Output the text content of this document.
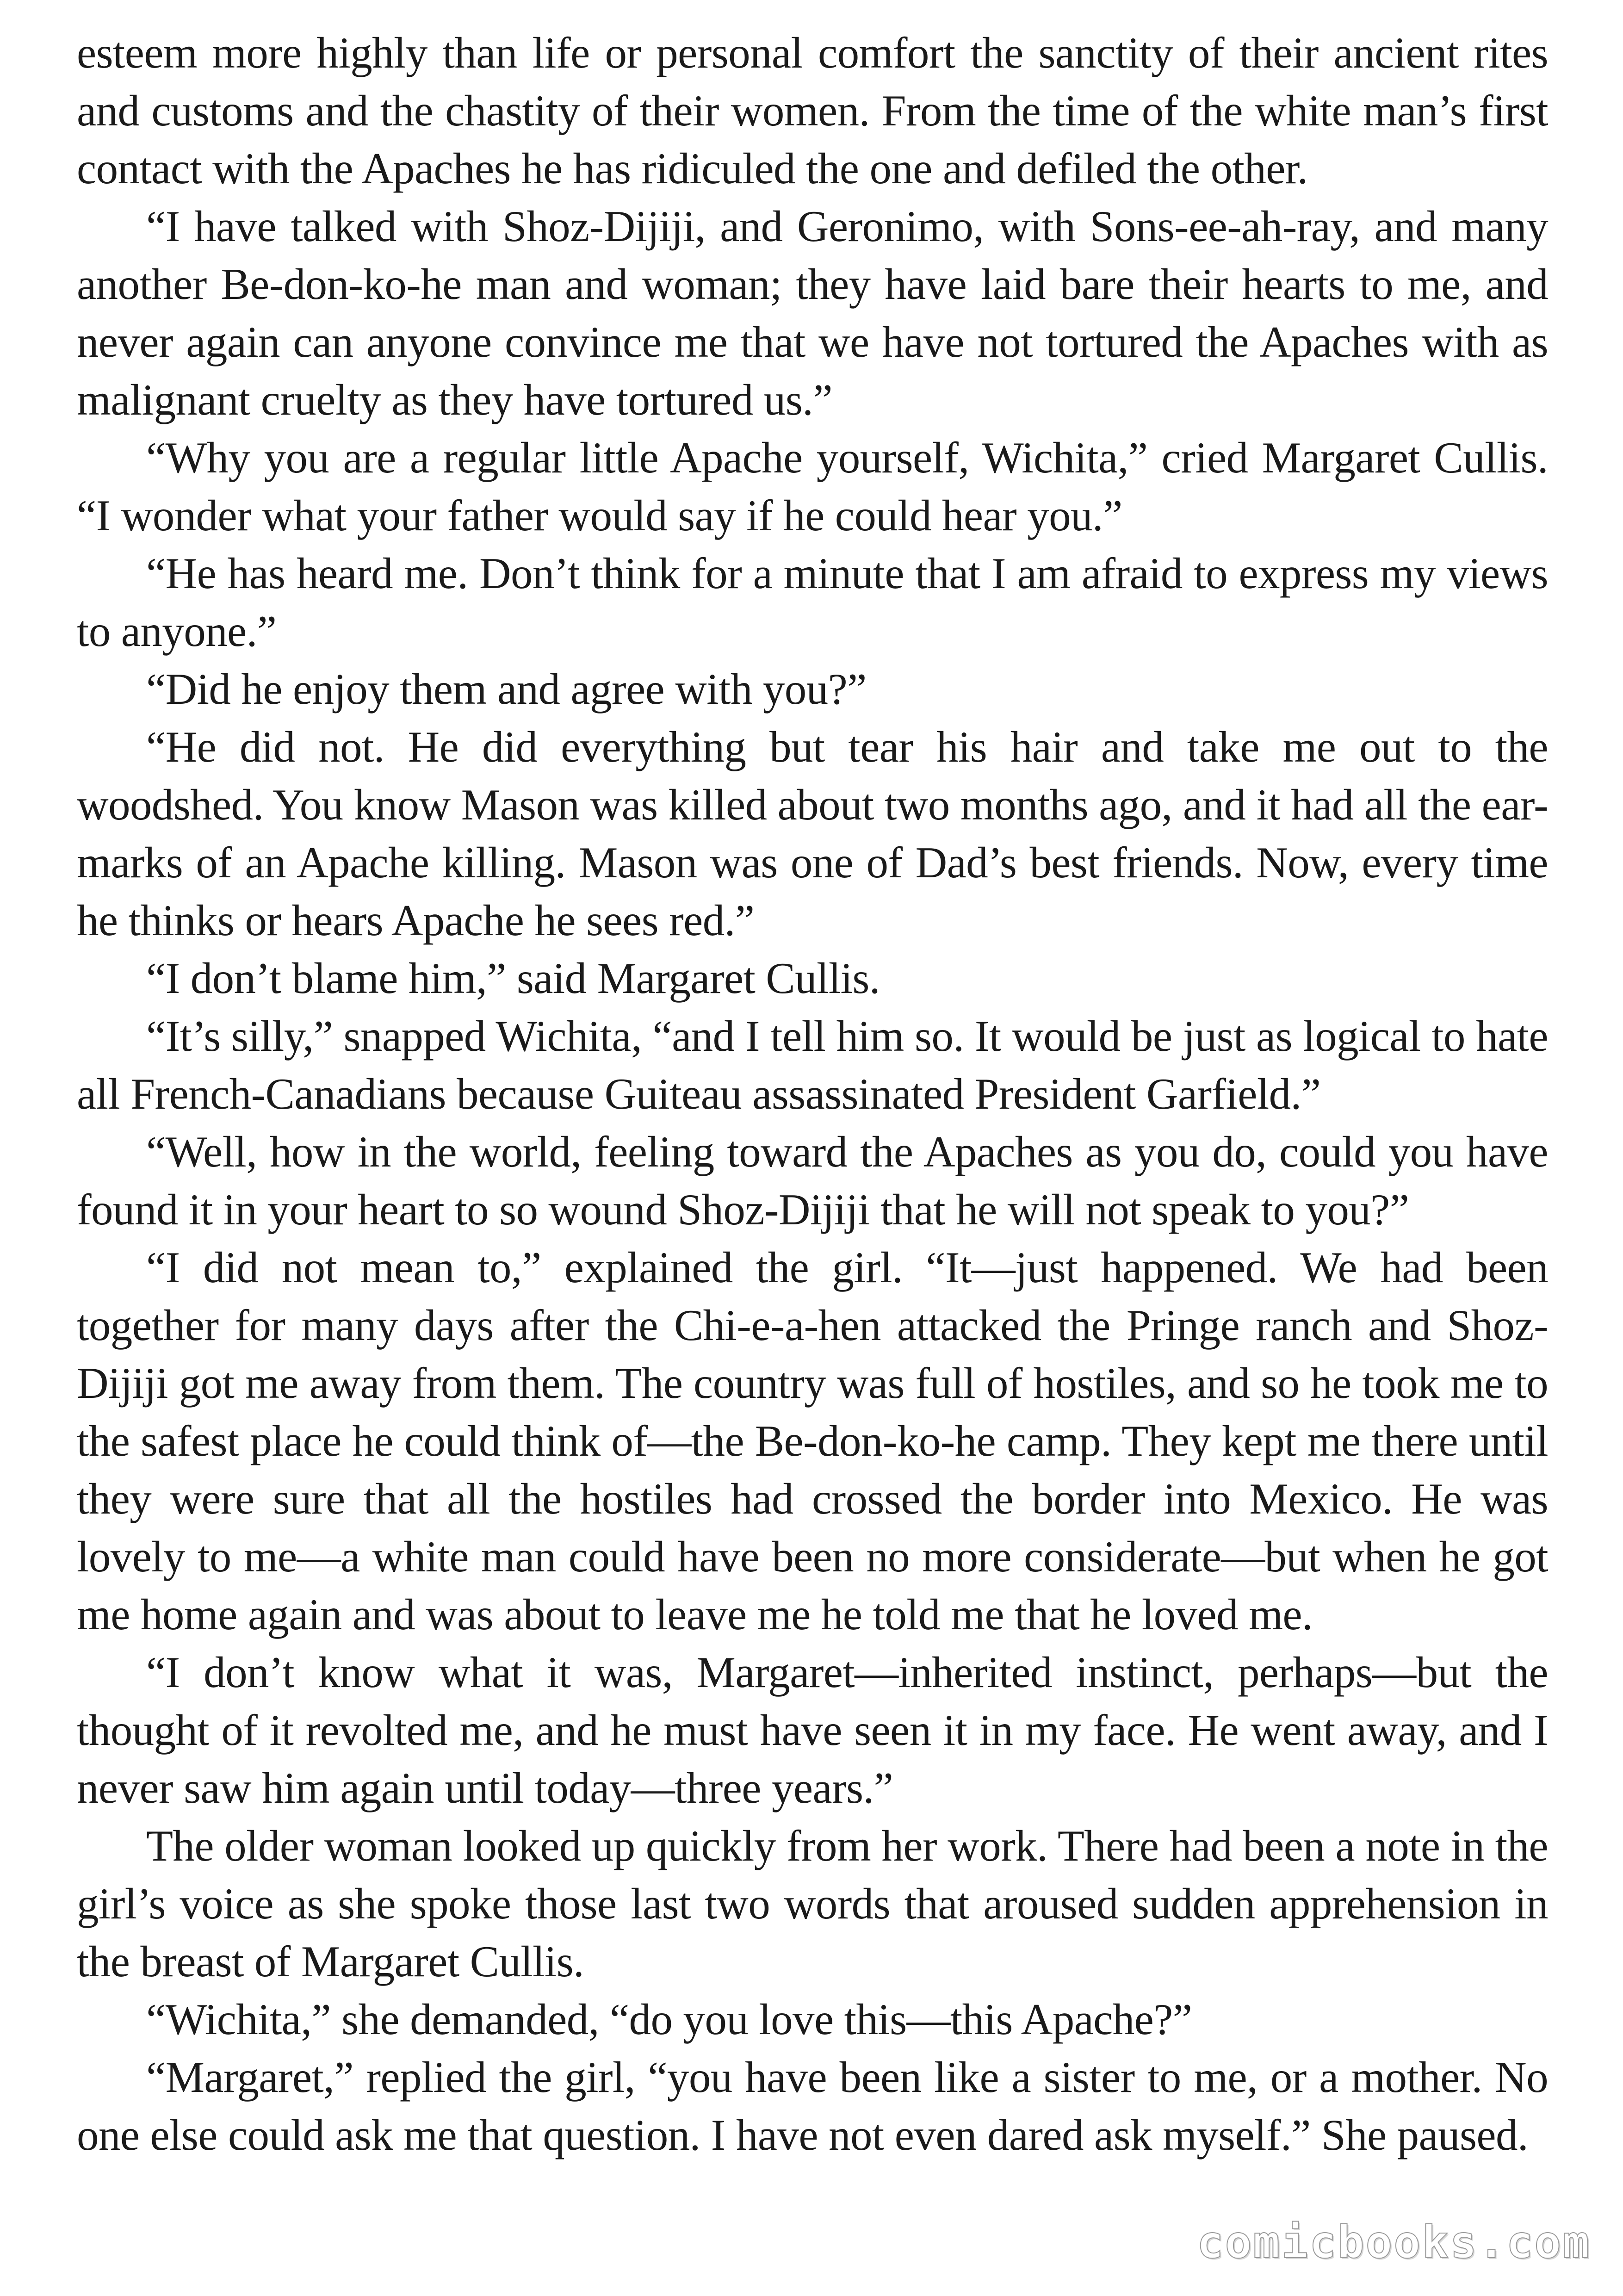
esteem more highly than life or personal comfort the sanctity of their ancient rites and customs and the chastity of their women. From the time of the white man’s first contact with the Apaches he has ridiculed the one and defiled the other.

“I have talked with Shoz-Dijiji, and Geronimo, with Sons-ee-ah-ray, and many another Be-don-ko-he man and woman; they have laid bare their hearts to me, and never again can anyone convince me that we have not tortured the Apaches with as malignant cruelty as they have tortured us.”

“Why you are a regular little Apache yourself, Wichita,” cried Margaret Cullis. “I wonder what your father would say if he could hear you.”

“He has heard me. Don’t think for a minute that I am afraid to express my views to anyone.”

“Did he enjoy them and agree with you?”

“He did not. He did everything but tear his hair and take me out to the woodshed. You know Mason was killed about two months ago, and it had all the ear-marks of an Apache killing. Mason was one of Dad’s best friends. Now, every time he thinks or hears Apache he sees red.”

“I don’t blame him,” said Margaret Cullis.

“It’s silly,” snapped Wichita, “and I tell him so. It would be just as logical to hate all French-Canadians because Guiteau assassinated President Garfield.”

“Well, how in the world, feeling toward the Apaches as you do, could you have found it in your heart to so wound Shoz-Dijiji that he will not speak to you?”

“I did not mean to,” explained the girl. “It—just happened. We had been together for many days after the Chi-e-a-hen attacked the Pringe ranch and Shoz-Dijiji got me away from them. The country was full of hostiles, and so he took me to the safest place he could think of—the Be-don-ko-he camp. They kept me there until they were sure that all the hostiles had crossed the border into Mexico. He was lovely to me—a white man could have been no more considerate—but when he got me home again and was about to leave me he told me that he loved me.

“I don’t know what it was, Margaret—inherited instinct, perhaps—but the thought of it revolted me, and he must have seen it in my face. He went away, and I never saw him again until today—three years.”

The older woman looked up quickly from her work. There had been a note in the girl’s voice as she spoke those last two words that aroused sudden apprehension in the breast of Margaret Cullis.

“Wichita,” she demanded, “do you love this—this Apache?”

“Margaret,” replied the girl, “you have been like a sister to me, or a mother. No one else could ask me that question. I have not even dared ask myself.” She paused.

comicbooks.com
